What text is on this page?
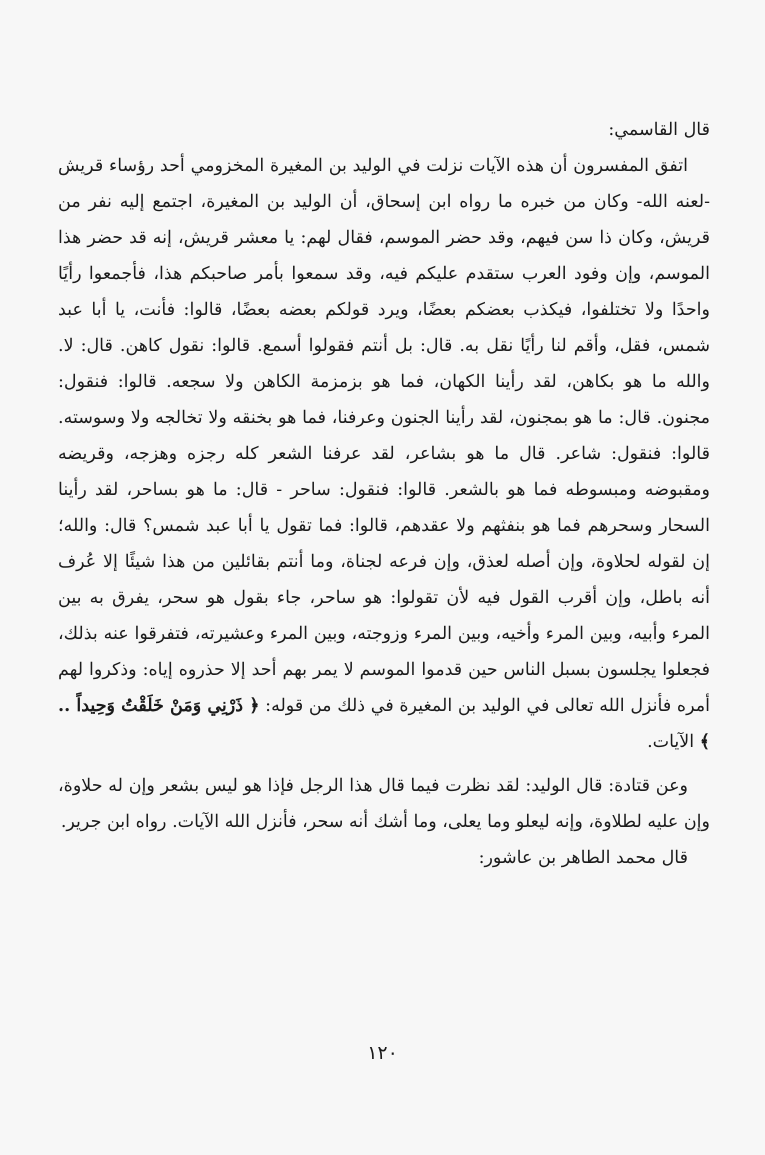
قال القاسمي:

اتفق المفسرون أن هذه الآيات نزلت في الوليد بن المغيرة المخزومي أحد رؤساء قريش -لعنه الله- وكان من خبره ما رواه ابن إسحاق، أن الوليد بن المغيرة، اجتمع إليه نفر من قريش، وكان ذا سن فيهم، وقد حضر الموسم، فقال لهم: يا معشر قريش، إنه قد حضر هذا الموسم، وإن وفود العرب ستقدم عليكم فيه، وقد سمعوا بأمر صاحبكم هذا، فأجمعوا رأيًا واحدًا ولا تختلفوا، فيكذب بعضكم بعضًا، ويرد قولكم بعضه بعضًا، قالوا: فأنت، يا أبا عبد شمس، فقل، وأقم لنا رأيًا نقل به. قال: بل أنتم فقولوا أسمع. قالوا: نقول كاهن. قال: لا. والله ما هو بكاهن، لقد رأينا الكهان، فما هو بزمزمة الكاهن ولا سجعه. قالوا: فنقول: مجنون. قال: ما هو بمجنون، لقد رأينا الجنون وعرفنا، فما هو بخنقه ولا تخالجه ولا وسوسته. قالوا: فنقول: شاعر. قال ما هو بشاعر، لقد عرفنا الشعر كله رجزه وهزجه، وقريضه ومقبوضه ومبسوطه فما هو بالشعر. قالوا: فنقول: ساحر - قال: ما هو بساحر، لقد رأينا السحار وسحرهم فما هو بنفثهم ولا عقدهم، قالوا: فما تقول يا أبا عبد شمس؟ قال: والله؛ إن لقوله لحلاوة، وإن أصله لعذق، وإن فرعه لجناة، وما أنتم بقائلين من هذا شيئًا إلا عُرف أنه باطل، وإن أقرب القول فيه لأن تقولوا: هو ساحر، جاء بقول هو سحر، يفرق به بين المرء وأبيه، وبين المرء وأخيه، وبين المرء وزوجته، وبين المرء وعشيرته، فتفرقوا عنه بذلك، فجعلوا يجلسون بسبل الناس حين قدموا الموسم لا يمر بهم أحد إلا حذروه إياه: وذكروا لهم أمره فأنزل الله تعالى في الوليد بن المغيرة في ذلك من قوله: ﴿ ذَرْنِي وَمَنْ خَلَقْتُ وَحِيداً .. ﴾ الآيات.

وعن قتادة: قال الوليد: لقد نظرت فيما قال هذا الرجل فإذا هو ليس بشعر وإن له حلاوة، وإن عليه لطلاوة، وإنه ليعلو وما يعلى، وما أشك أنه سحر، فأنزل الله الآيات. رواه ابن جرير.

قال محمد الطاهر بن عاشور:

١٢٠
